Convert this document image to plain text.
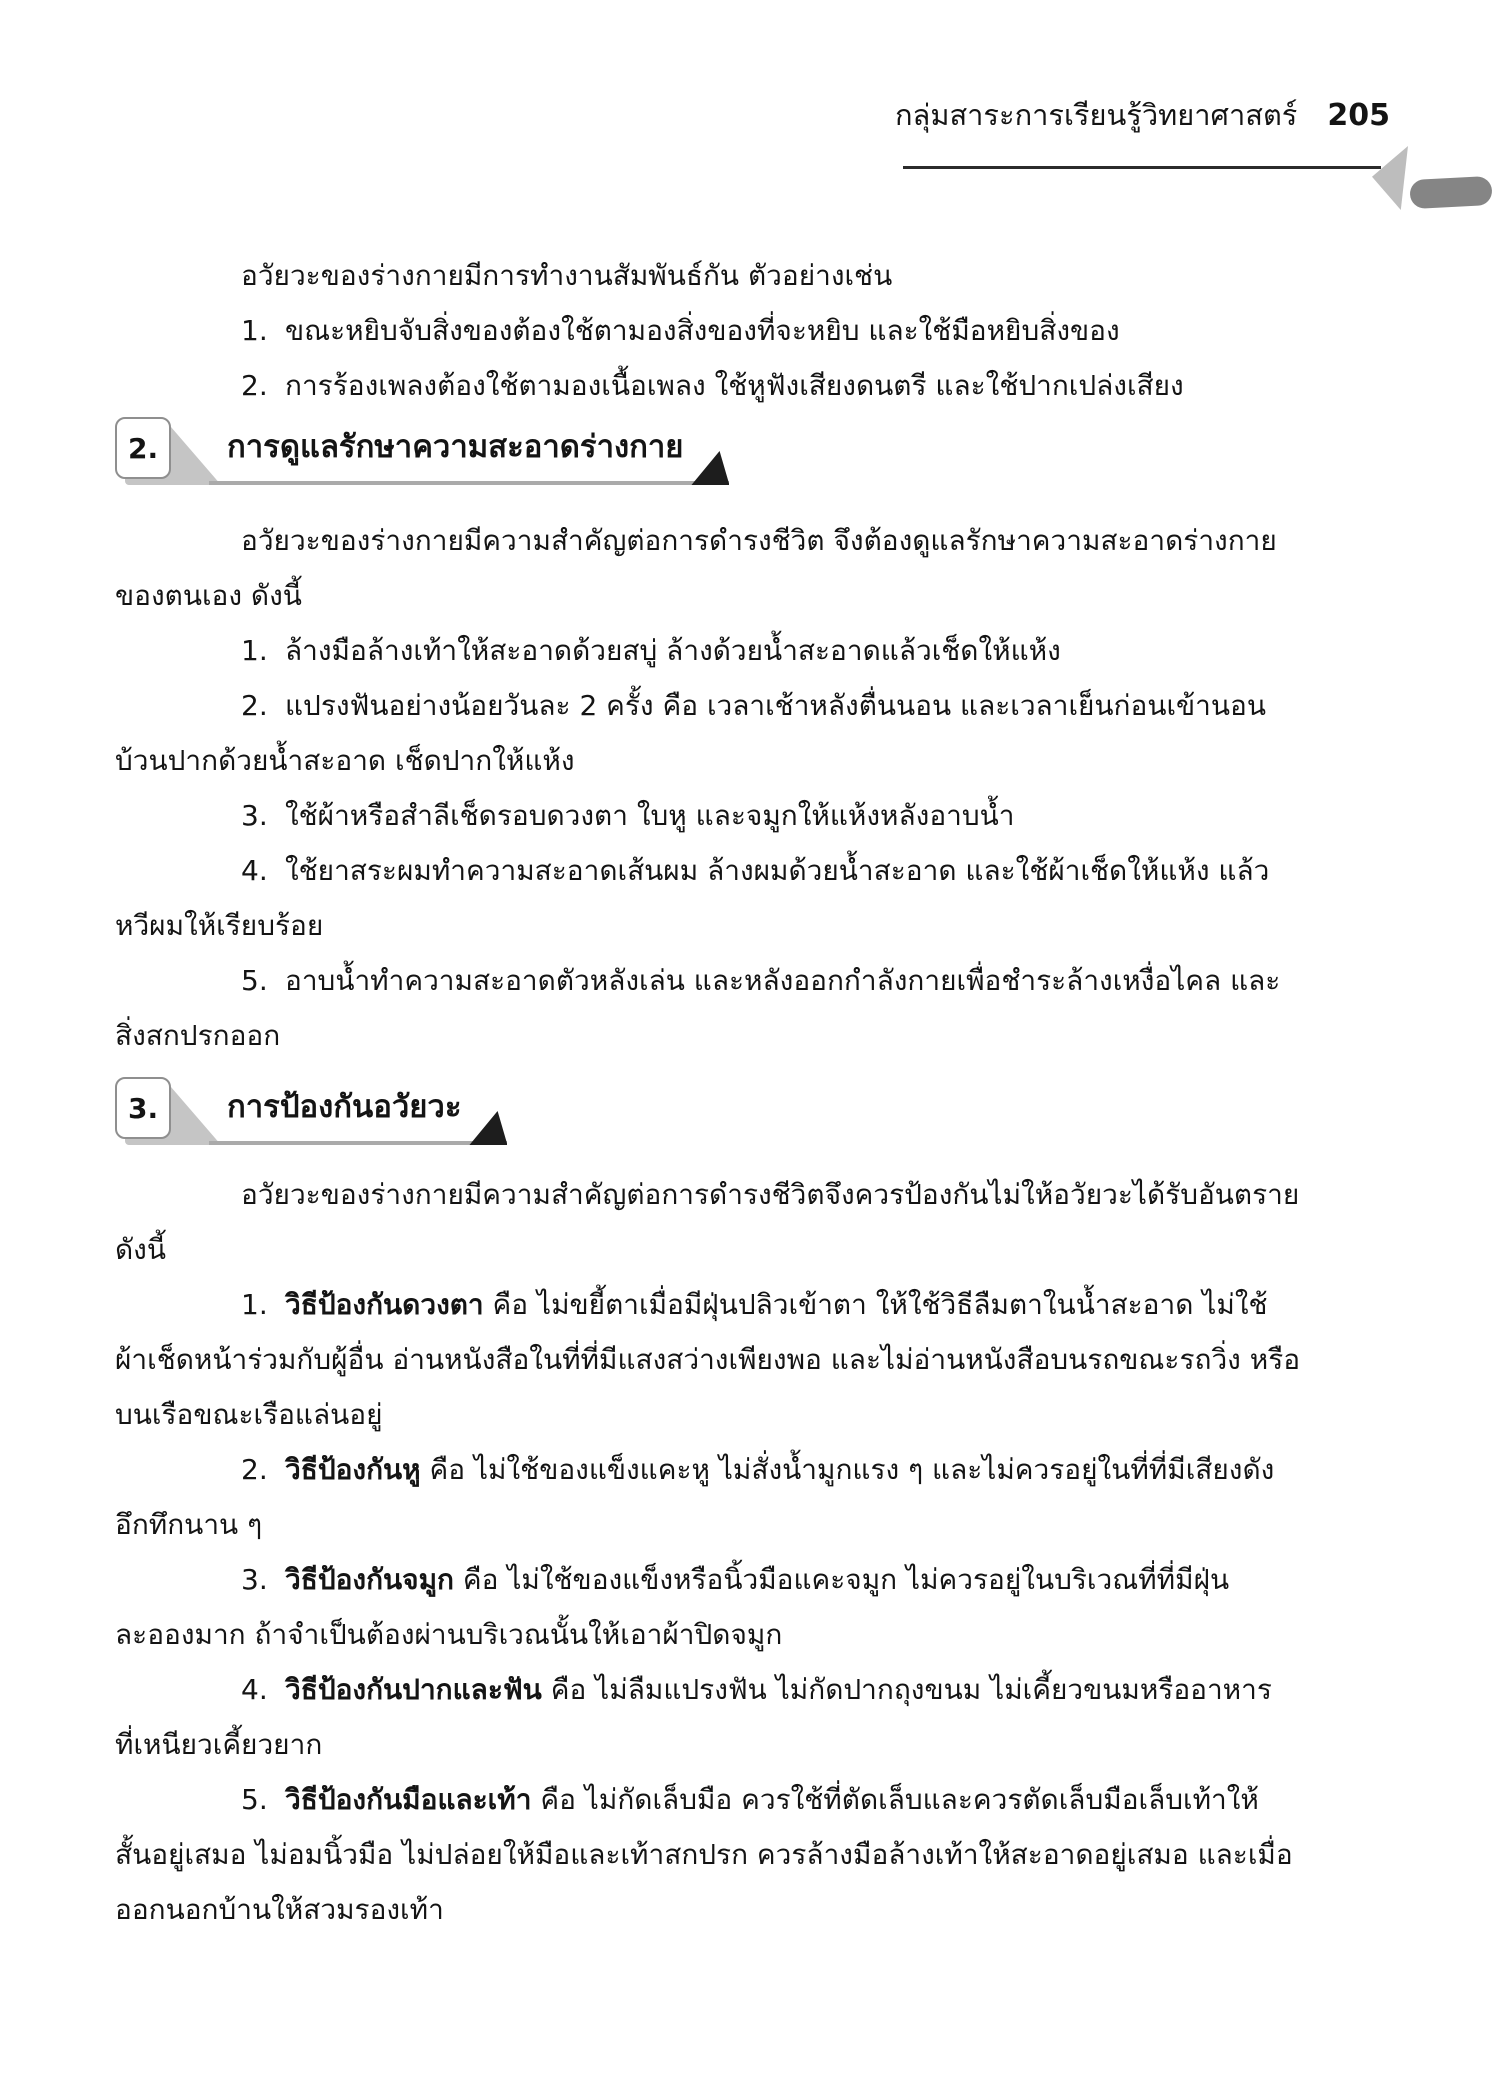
กลุ่มสาระการเรียนรู้วิทยาศาสตร์ 205
อวัยวะของร่างกายมีการทำงานสัมพันธ์กัน ตัวอย่างเช่น
1. ขณะหยิบจับสิ่งของต้องใช้ตามองสิ่งของที่จะหยิบ และใช้มือหยิบสิ่งของ
2. การร้องเพลงต้องใช้ตามองเนื้อเพลง ใช้หูฟังเสียงดนตรี และใช้ปากเปล่งเสียง
2.	การดูแลรักษาความสะอาดร่างกาย
อวัยวะของร่างกายมีความสำคัญต่อการดำรงชีวิต จึงต้องดูแลรักษาความสะอาดร่างกาย
ของตนเอง ดังนี้
1. ล้างมือล้างเท้าให้สะอาดด้วยสบู่ ล้างด้วยน้ำสะอาดแล้วเช็ดให้แห้ง
2. แปรงฟันอย่างน้อยวันละ 2 ครั้ง คือ เวลาเช้าหลังตื่นนอน และเวลาเย็นก่อนเข้านอน
บ้วนปากด้วยน้ำสะอาด เช็ดปากให้แห้ง
3. ใช้ผ้าหรือสำลีเช็ดรอบดวงตา ใบหู และจมูกให้แห้งหลังอาบน้ำ
4. ใช้ยาสระผมทำความสะอาดเส้นผม ล้างผมด้วยน้ำสะอาด และใช้ผ้าเช็ดให้แห้ง แล้ว
หวีผมให้เรียบร้อย
5. อาบน้ำทำความสะอาดตัวหลังเล่น และหลังออกกำลังกายเพื่อชำระล้างเหงื่อไคล และ
สิ่งสกปรกออก
3.	การป้องกันอวัยวะ
อวัยวะของร่างกายมีความสำคัญต่อการดำรงชีวิตจึงควรป้องกันไม่ให้อวัยวะได้รับอันตราย
ดังนี้
1. วิธีป้องกันดวงตา คือ ไม่ขยี้ตาเมื่อมีฝุ่นปลิวเข้าตา ให้ใช้วิธีลืมตาในน้ำสะอาด ไม่ใช้
ผ้าเช็ดหน้าร่วมกับผู้อื่น อ่านหนังสือในที่ที่มีแสงสว่างเพียงพอ และไม่อ่านหนังสือบนรถขณะรถวิ่ง หรือ
บนเรือขณะเรือแล่นอยู่
2. วิธีป้องกันหู คือ ไม่ใช้ของแข็งแคะหู ไม่สั่งน้ำมูกแรง ๆ และไม่ควรอยู่ในที่ที่มีเสียงดัง
อึกทึกนาน ๆ
3. วิธีป้องกันจมูก คือ ไม่ใช้ของแข็งหรือนิ้วมือแคะจมูก ไม่ควรอยู่ในบริเวณที่ที่มีฝุ่น
ละอองมาก ถ้าจำเป็นต้องผ่านบริเวณนั้นให้เอาผ้าปิดจมูก
4. วิธีป้องกันปากและฟัน คือ ไม่ลืมแปรงฟัน ไม่กัดปากถุงขนม ไม่เคี้ยวขนมหรืออาหาร
ที่เหนียวเคี้ยวยาก
5. วิธีป้องกันมือและเท้า คือ ไม่กัดเล็บมือ ควรใช้ที่ตัดเล็บและควรตัดเล็บมือเล็บเท้าให้
สั้นอยู่เสมอ ไม่อมนิ้วมือ ไม่ปล่อยให้มือและเท้าสกปรก ควรล้างมือล้างเท้าให้สะอาดอยู่เสมอ และเมื่อ
ออกนอกบ้านให้สวมรองเท้า
